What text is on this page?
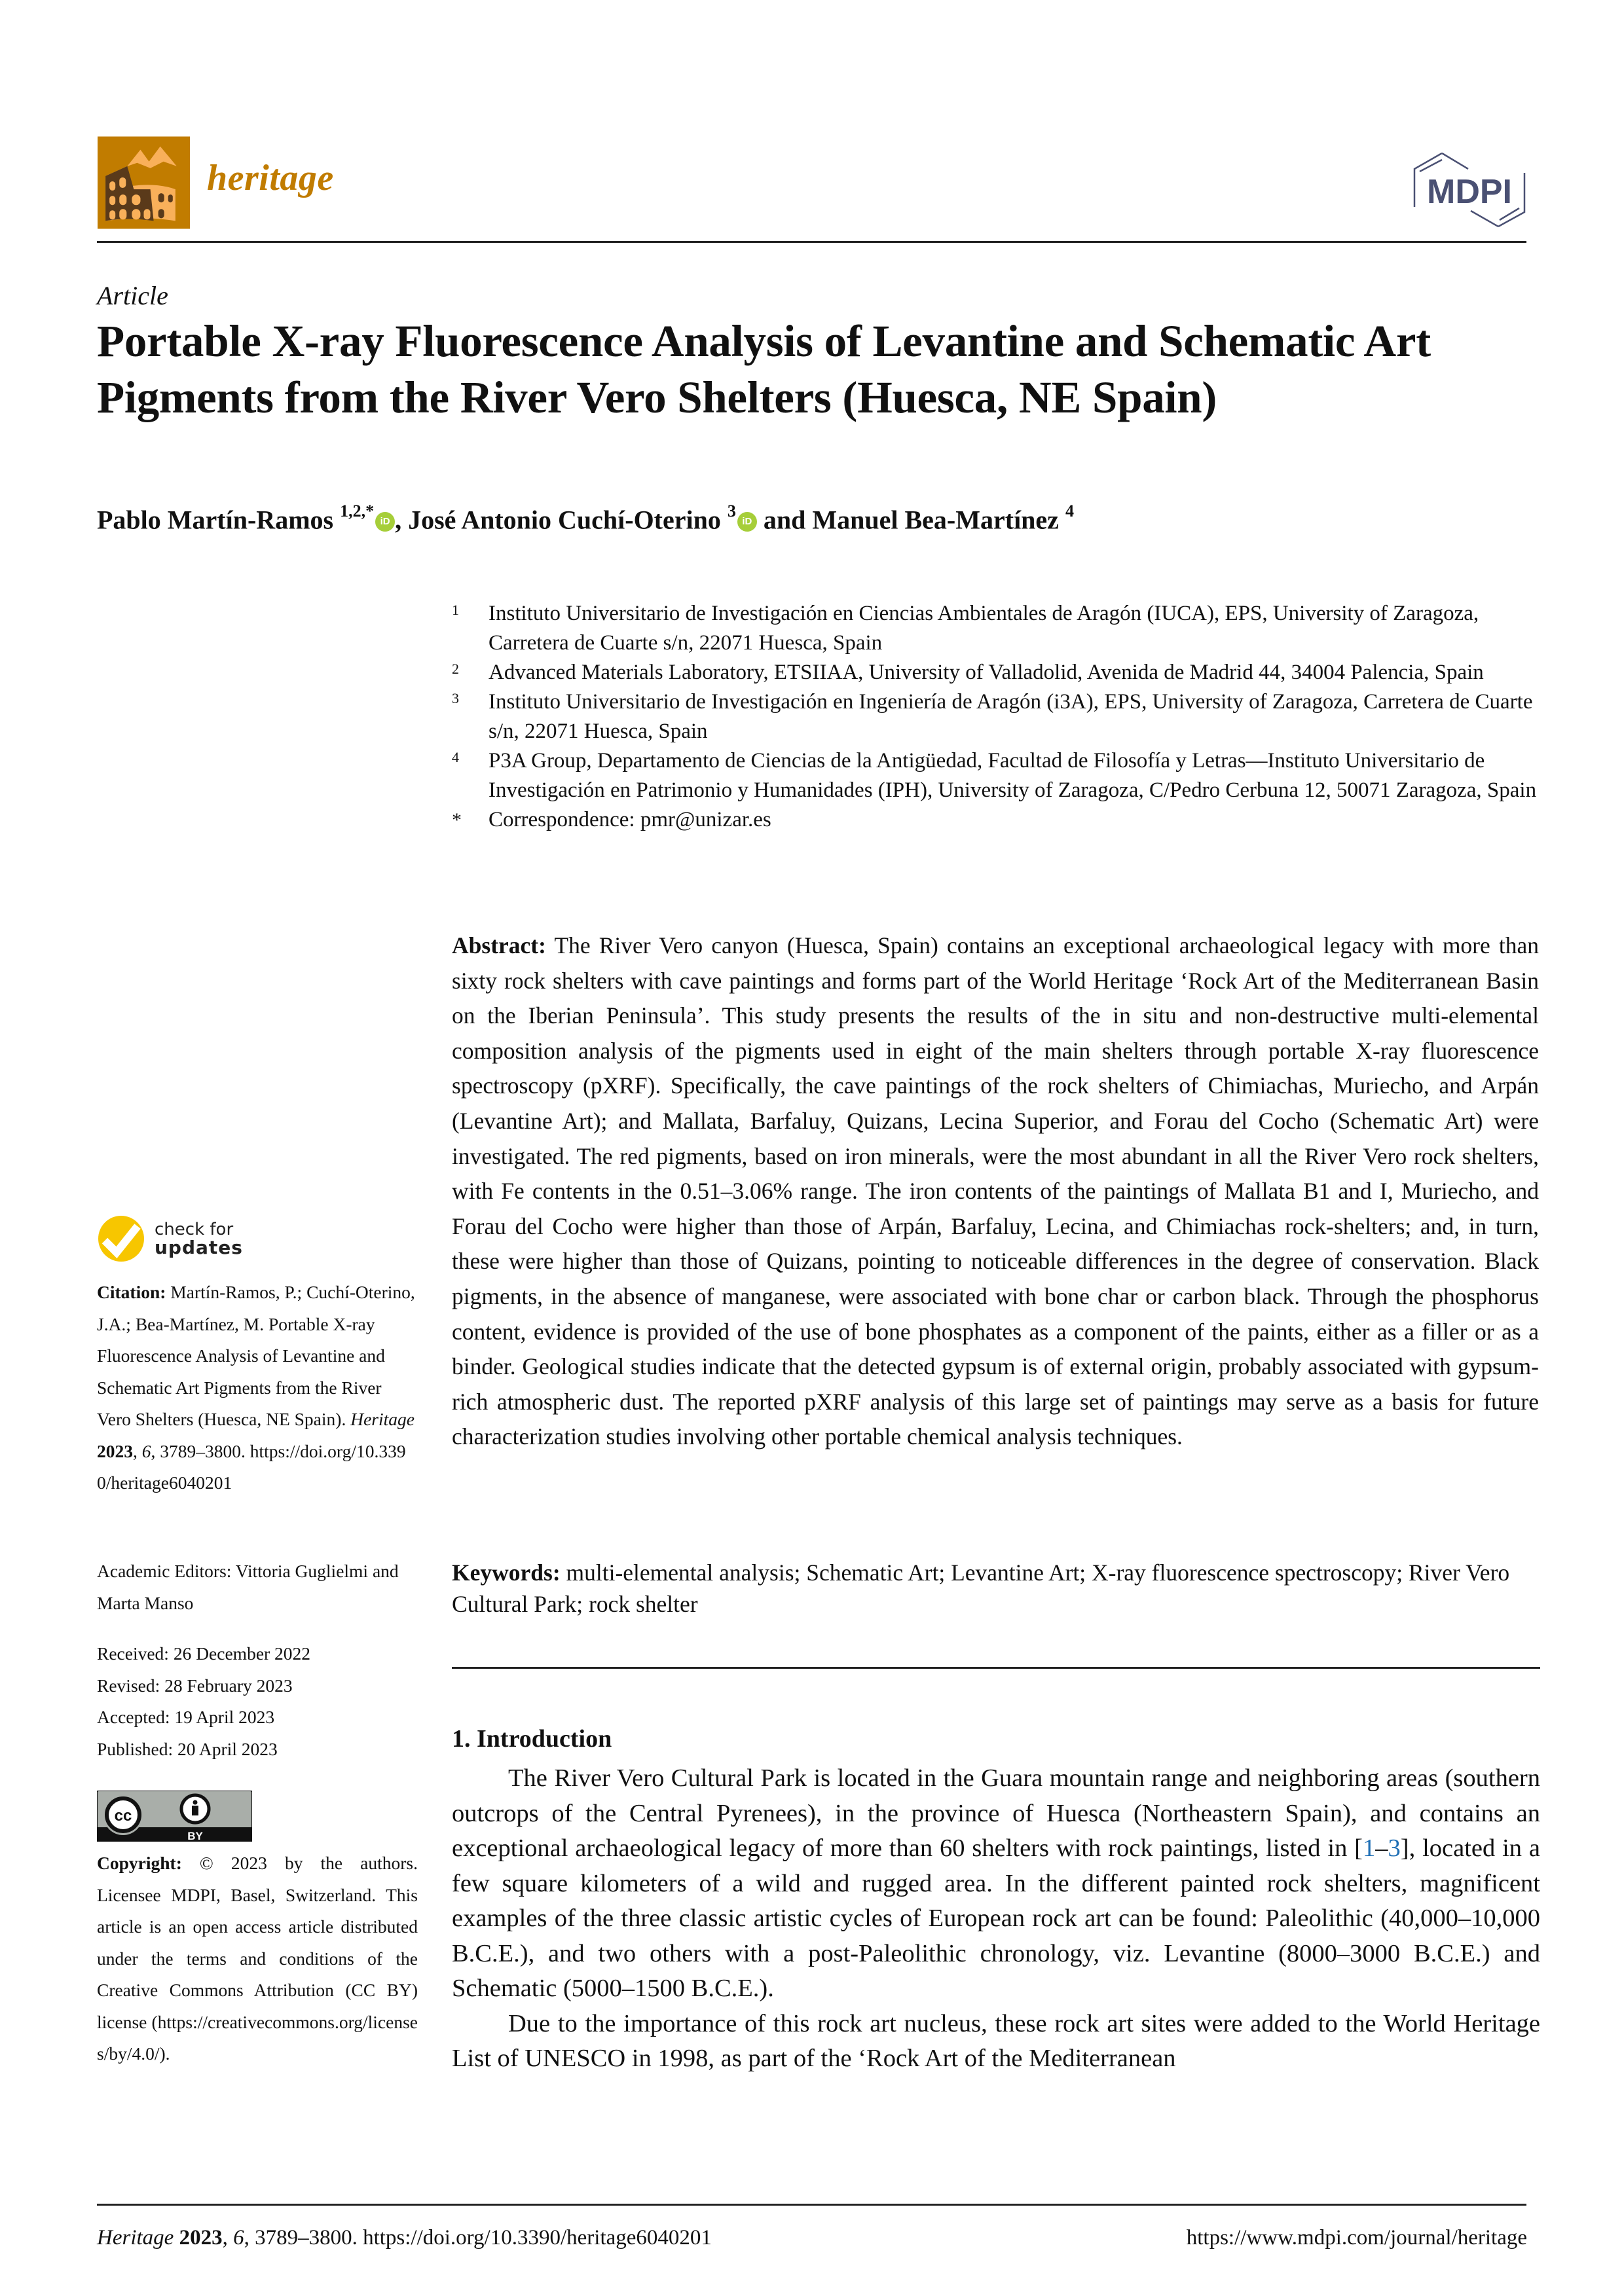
heritage	MDPI
Article
Portable X-ray Fluorescence Analysis of Levantine and Schematic Art Pigments from the River Vero Shelters (Huesca, NE Spain)
Pablo Martín-Ramos $^{1,2,*}$iD , José Antonio Cuchí-Oterino $^3$iD and Manuel Bea-Martínez $^4$
1	Instituto Universitario de Investigación en Ciencias Ambientales de Aragón (IUCA), EPS, University of Zaragoza, Carretera de Cuarte s/n, 22071 Huesca, Spain
2	Advanced Materials Laboratory, ETSIIAA, University of Valladolid, Avenida de Madrid 44, 34004 Palencia, Spain
3	Instituto Universitario de Investigación en Ingeniería de Aragón (i3A), EPS, University of Zaragoza, Carretera de Cuarte s/n, 22071 Huesca, Spain
4	P3A Group, Departamento de Ciencias de la Antigüedad, Facultad de Filosofía y Letras—Instituto Universitario de Investigación en Patrimonio y Humanidades (IPH), University of Zaragoza, C/Pedro Cerbuna 12, 50071 Zaragoza, Spain
*	Correspondence: pmr@unizar.es
Abstract: The River Vero canyon (Huesca, Spain) contains an exceptional archaeological legacy with more than sixty rock shelters with cave paintings and forms part of the World Heritage ‘Rock Art of the Mediterranean Basin on the Iberian Peninsula’. This study presents the results of the in situ and non-destructive multi-elemental composition analysis of the pigments used in eight of the main shelters through portable X-ray fluorescence spectroscopy (pXRF). Specifically, the cave paintings of the rock shelters of Chimiachas, Muriecho, and Arpán (Levantine Art); and Mallata, Barfaluy, Quizans, Lecina Superior, and Forau del Cocho (Schematic Art) were investigated. The red pigments, based on iron minerals, were the most abundant in all the River Vero rock shelters, with Fe contents in the 0.51–3.06% range. The iron contents of the paintings of Mallata B1 and I, Muriecho, and Forau del Cocho were higher than those of Arpán, Barfaluy, Lecina, and Chimiachas rock-shelters; and, in turn, these were higher than those of Quizans, pointing to noticeable differences in the degree of conservation. Black pigments, in the absence of manganese, were associated with bone char or carbon black. Through the phosphorus content, evidence is provided of the use of bone phosphates as a component of the paints, either as a filler or as a binder. Geological studies indicate that the detected gypsum is of external origin, probably associated with gypsum-rich atmospheric dust. The reported pXRF analysis of this large set of paintings may serve as a basis for future characterization studies involving other portable chemical analysis techniques.
Keywords: multi-elemental analysis; Schematic Art; Levantine Art; X-ray fluorescence spectroscopy; River Vero Cultural Park; rock shelter
1. Introduction

The River Vero Cultural Park is located in the Guara mountain range and neighboring areas (southern outcrops of the Central Pyrenees), in the province of Huesca (Northeastern Spain), and contains an exceptional archaeological legacy of more than 60 shelters with rock paintings, listed in [1–3], located in a few square kilometers of a wild and rugged area. In the different painted rock shelters, magnificent examples of the three classic artistic cycles of European rock art can be found: Paleolithic (40,000–10,000 B.C.E.), and two others with a post-Paleolithic chronology, viz. Levantine (8000–3000 B.C.E.) and Schematic (5000–1500 B.C.E.).

Due to the importance of this rock art nucleus, these rock art sites were added to the World Heritage List of UNESCO in 1998, as part of the ‘Rock Art of the Mediterranean

check for
updates
Citation: Martín-Ramos, P.; Cuchí-Oterino, J.A.; Bea-Martínez, M. Portable X-ray Fluorescence Analysis of Levantine and Schematic Art Pigments from the River Vero Shelters (Huesca, NE Spain). Heritage 2023, 6, 3789–3800. https://doi.org/10.3390/heritage6040201
Academic Editors: Vittoria Guglielmi and Marta Manso
Received: 26 December 2022
Revised: 28 February 2023
Accepted: 19 April 2023
Published: 20 April 2023
cc
BY
Copyright: © 2023 by the authors. Licensee MDPI, Basel, Switzerland. This article is an open access article distributed under the terms and conditions of the Creative Commons Attribution (CC BY) license (https://creativecommons.org/licenses/by/4.0/).
Heritage 2023, 6, 3789–3800. https://doi.org/10.3390/heritage6040201	https://www.mdpi.com/journal/heritage
